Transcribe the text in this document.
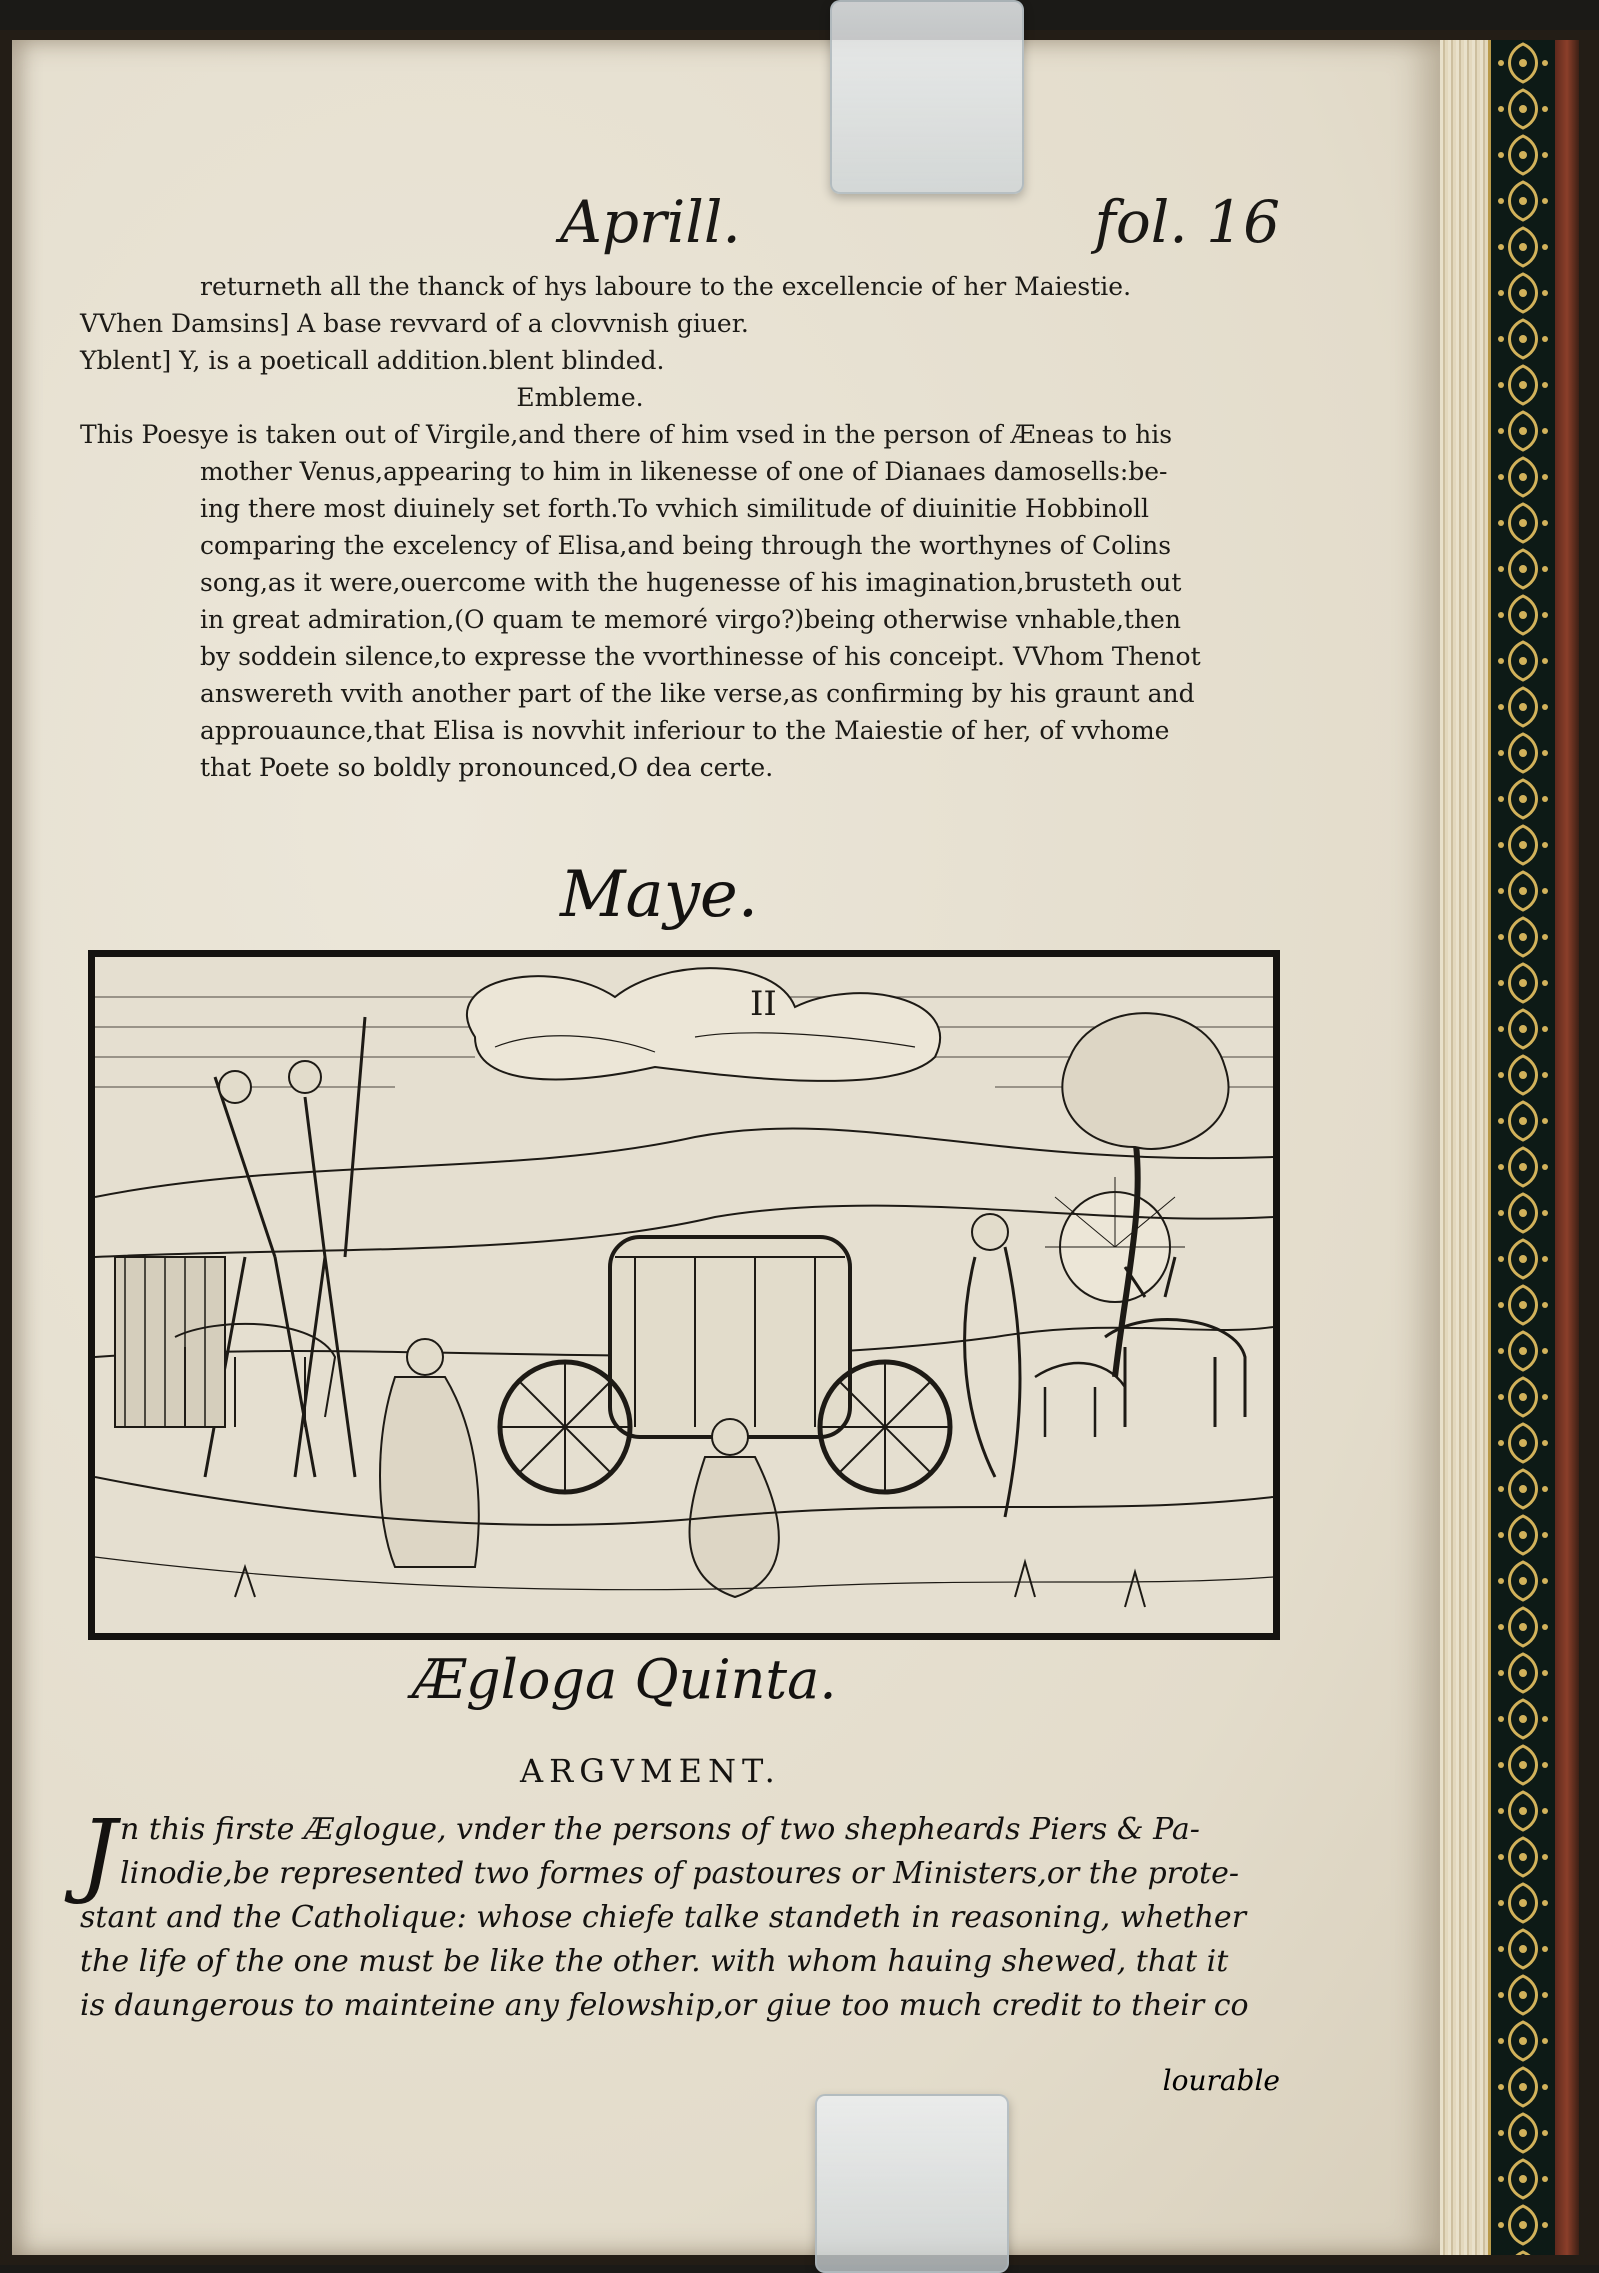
Aprill.	fol. 16

returneth all the thanck of hys laboure to the excellencie of her Maiestie.

VVhen Damsins] A base revvard of a clovvnish giuer.

Yblent] Y, is a poeticall addition.blent blinded.

Embleme.

This Poesye is taken out of Virgile,and there of him vsed in the person of Æneas to his

mother Venus,appearing to him in likenesse of one of Dianaes damosells:be-

ing there most diuinely set forth.To vvhich similitude of diuinitie Hobbinoll

comparing the excelency of Elisa,and being through the worthynes of Colins

song,as it were,ouercome with the hugenesse of his imagination,brusteth out

in great admiration,(O quam te memoré virgo?)being otherwise vnhable,then

by soddein silence,to expresse the vvorthinesse of his conceipt. VVhom Thenot

answereth vvith another part of the like verse,as confirming by his graunt and

approuaunce,that Elisa is novvhit inferiour to the Maiestie of her, of vvhome

that Poete so boldly pronounced,O dea certe.

Maye.
II
Ægloga Quinta.
ARGVMENT.
J n this firste Æglogue, vnder the persons of two shepheards Piers & Pa-

linodie,be represented two formes of pastoures or Ministers,or the prote-

stant and the Catholique: whose chiefe talke standeth in reasoning, whether

the life of the one must be like the other. with whom hauing shewed, that it

is daungerous to mainteine any felowship,or giue too much credit to their co

lourable
